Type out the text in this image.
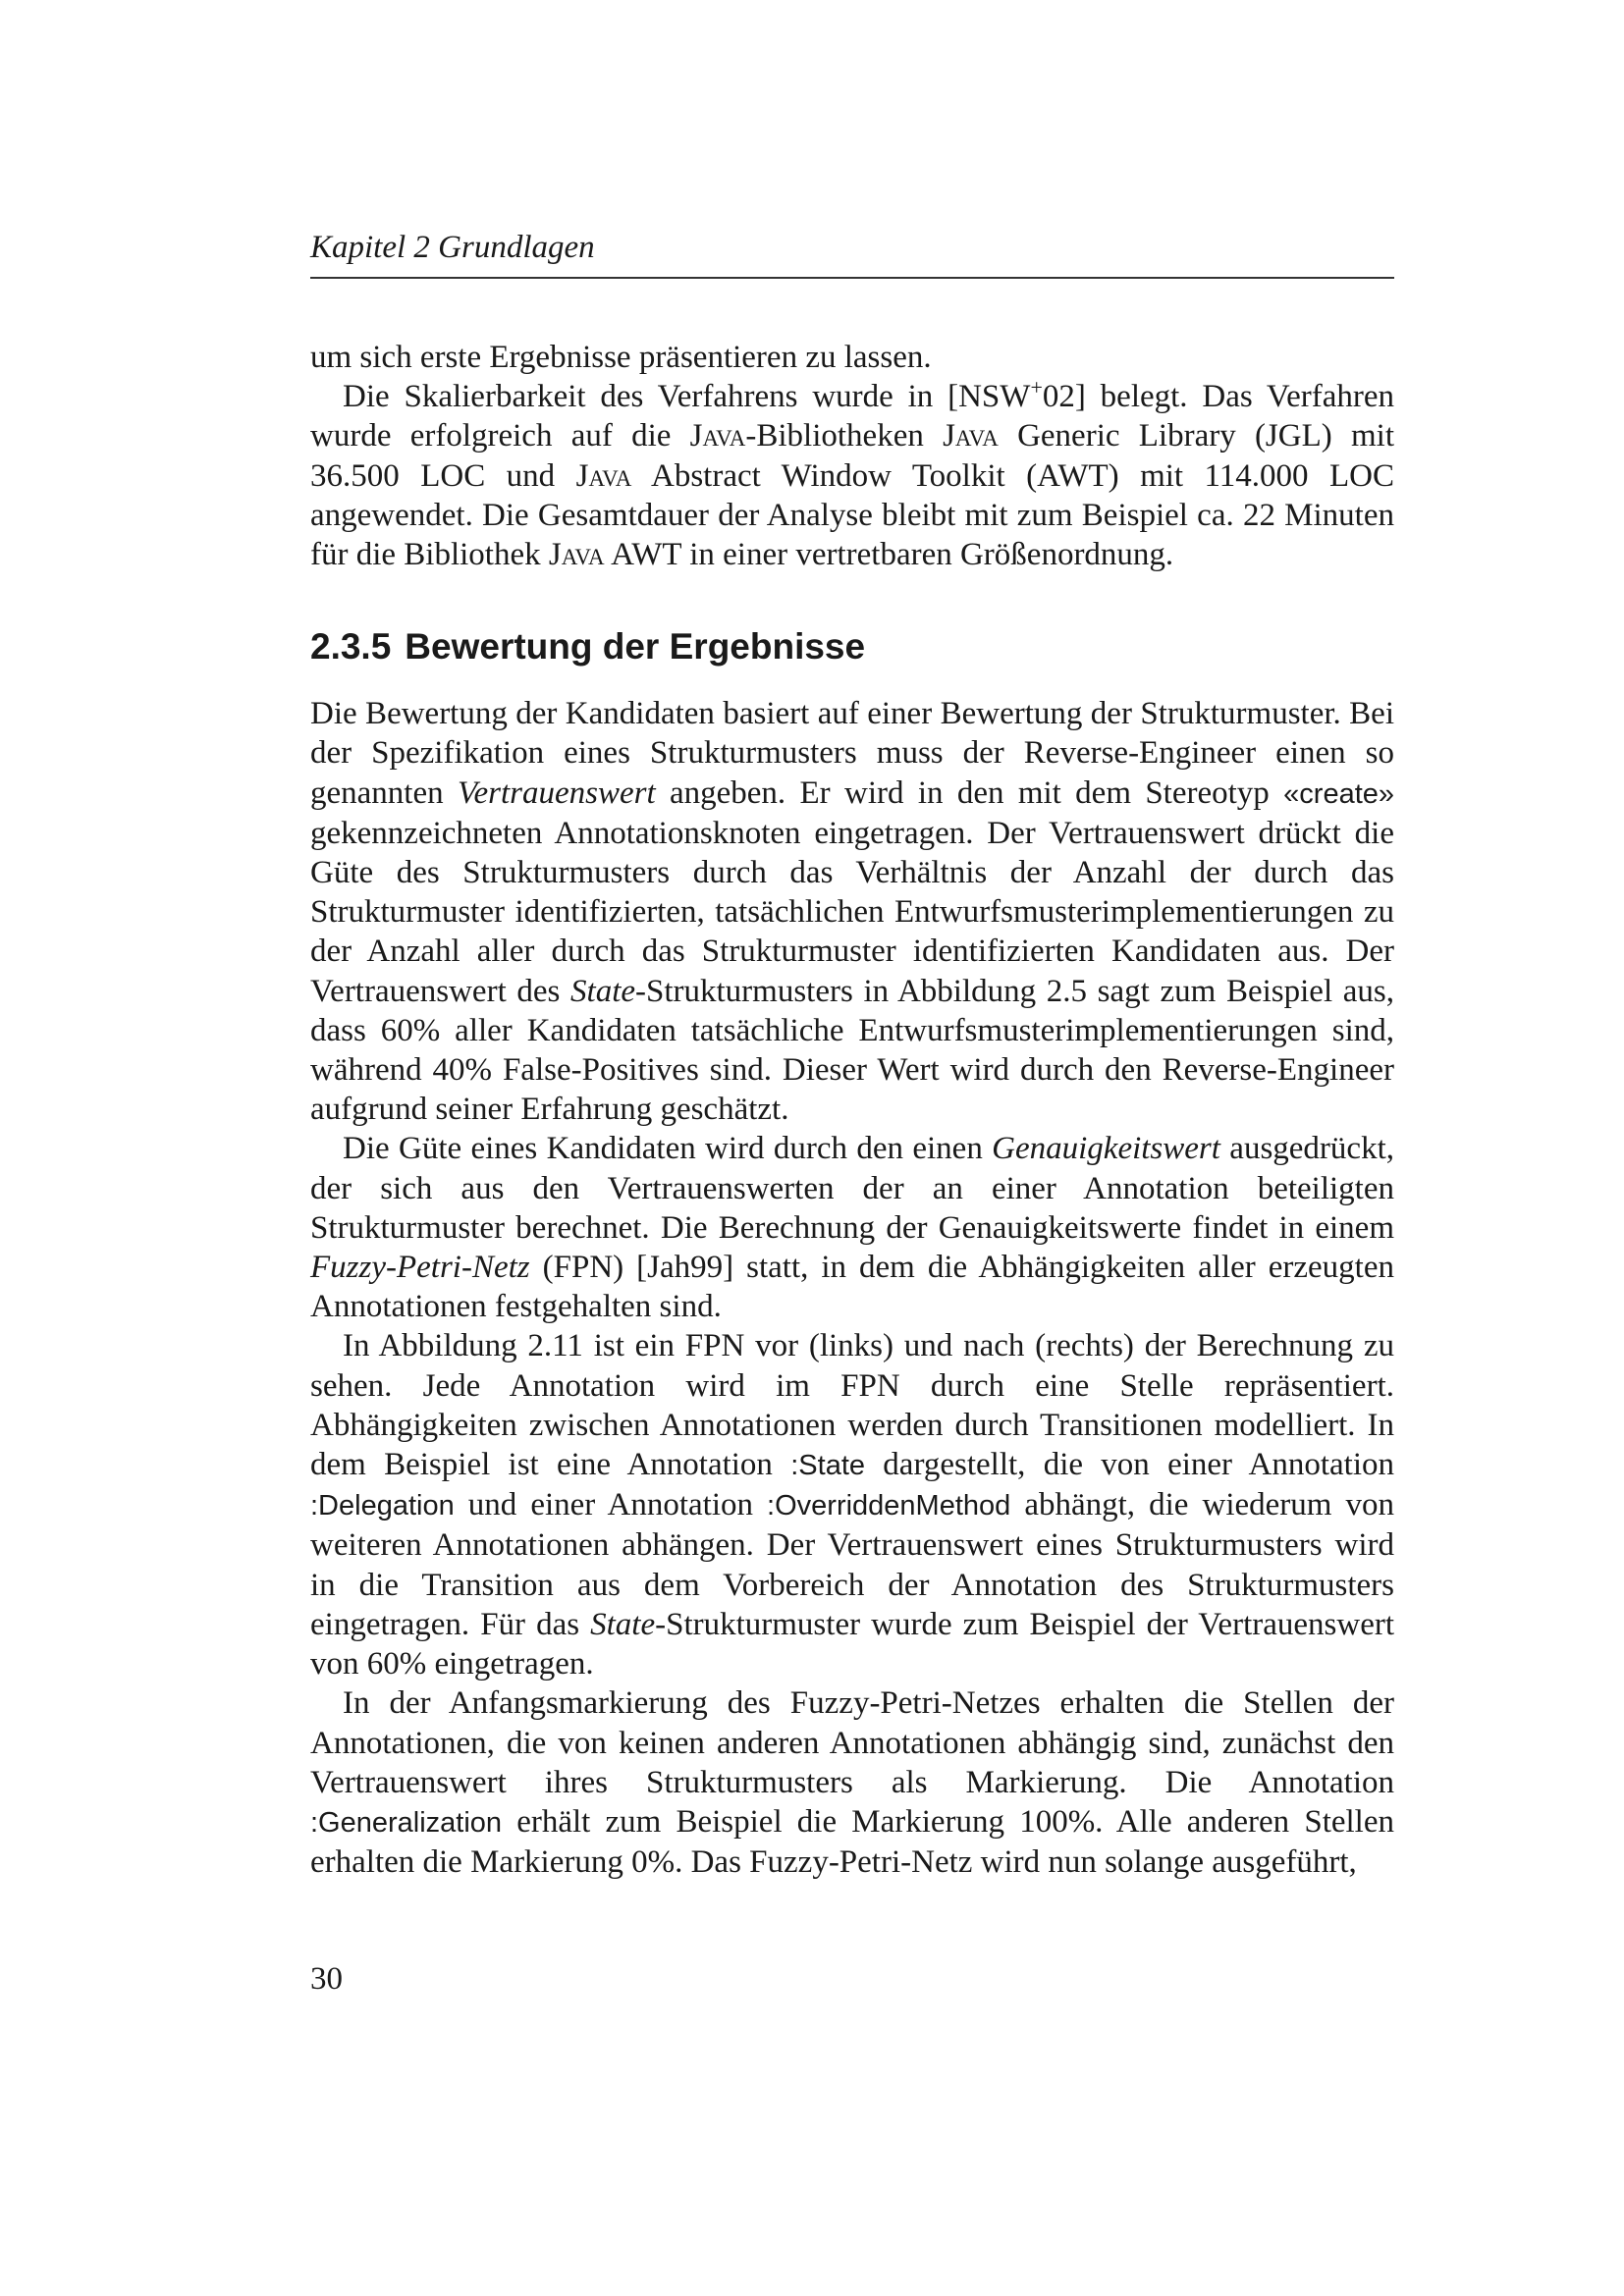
Kapitel 2 Grundlagen

um sich erste Ergebnisse präsentieren zu lassen.

Die Skalierbarkeit des Verfahrens wurde in [NSW+02] belegt. Das Verfahren wurde erfolgreich auf die Java-Bibliotheken Java Generic Library (JGL) mit 36.500 LOC und Java Abstract Window Toolkit (AWT) mit 114.000 LOC angewendet. Die Gesamtdauer der Analyse bleibt mit zum Beispiel ca. 22 Minuten für die Bibliothek Java AWT in einer vertretbaren Größenordnung.

2.3.5 Bewertung der Ergebnisse

Die Bewertung der Kandidaten basiert auf einer Bewertung der Strukturmuster. Bei der Spezifikation eines Strukturmusters muss der Reverse-Engineer einen so genannten Vertrauenswert angeben. Er wird in den mit dem Stereotyp «create» gekennzeichneten Annotationsknoten eingetragen. Der Vertrauenswert drückt die Güte des Strukturmusters durch das Verhältnis der Anzahl der durch das Strukturmuster identifizierten, tatsächlichen Entwurfsmusterimplementierungen zu der Anzahl aller durch das Strukturmuster identifizierten Kandidaten aus. Der Vertrauenswert des State-Strukturmusters in Abbildung 2.5 sagt zum Beispiel aus, dass 60% aller Kandidaten tatsächliche Entwurfsmusterimplementierungen sind, während 40% False-Positives sind. Dieser Wert wird durch den Reverse-Engineer aufgrund seiner Erfahrung geschätzt.

Die Güte eines Kandidaten wird durch den einen Genauigkeitswert ausgedrückt, der sich aus den Vertrauenswerten der an einer Annotation beteiligten Strukturmuster berechnet. Die Berechnung der Genauigkeitswerte findet in einem Fuzzy-Petri-Netz (FPN) [Jah99] statt, in dem die Abhängigkeiten aller erzeugten Annotationen festgehalten sind.

In Abbildung 2.11 ist ein FPN vor (links) und nach (rechts) der Berechnung zu sehen. Jede Annotation wird im FPN durch eine Stelle repräsentiert. Abhängigkeiten zwischen Annotationen werden durch Transitionen modelliert. In dem Beispiel ist eine Annotation :State dargestellt, die von einer Annotation :Delegation und einer Annotation :OverriddenMethod abhängt, die wiederum von weiteren Annotationen abhängen. Der Vertrauenswert eines Strukturmusters wird in die Transition aus dem Vorbereich der Annotation des Strukturmusters eingetragen. Für das State-Strukturmuster wurde zum Beispiel der Vertrauenswert von 60% eingetragen.

In der Anfangsmarkierung des Fuzzy-Petri-Netzes erhalten die Stellen der Annotationen, die von keinen anderen Annotationen abhängig sind, zunächst den Vertrauenswert ihres Strukturmusters als Markierung. Die Annotation :Generalization erhält zum Beispiel die Markierung 100%. Alle anderen Stellen erhalten die Markierung 0%. Das Fuzzy-Petri-Netz wird nun solange ausgeführt,

30
